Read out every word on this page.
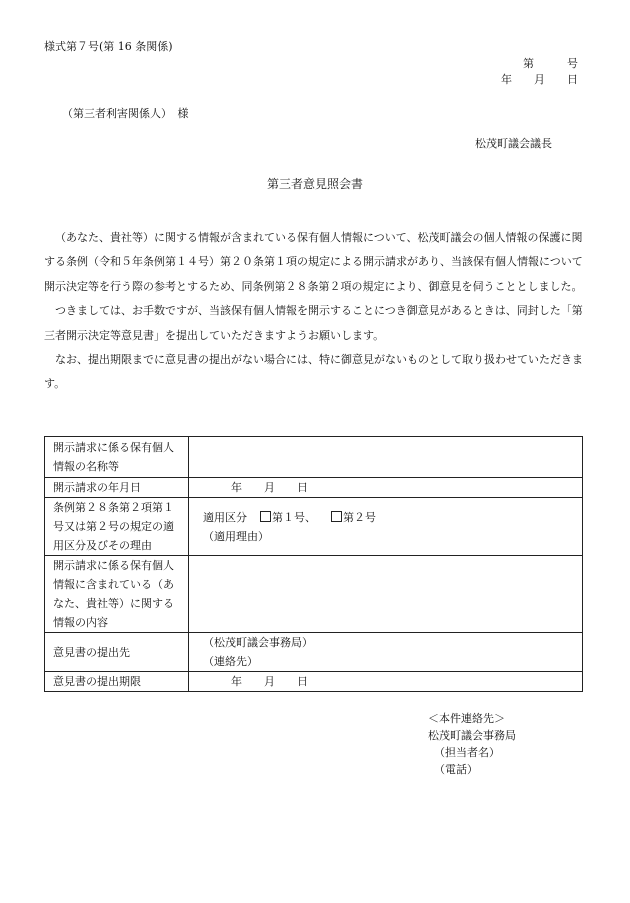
様式第７号(第 16 条関係)
第　　　号
年　　月　　日
（第三者利害関係人）　様
松茂町議会議長
第三者意見照会書

（あなた、貴社等）に関する情報が含まれている保有個人情報について、松茂町議会の個人情報の保護に関する条例（令和５年条例第１４号）第２０条第１項の規定による開示請求があり、当該保有個人情報について開示決定等を行う際の参考とするため、同条例第２８条第２項の規定により、御意見を伺うこととしました。

つきましては、お手数ですが、当該保有個人情報を開示することにつき御意見があるときは、同封した「第三者開示決定等意見書」を提出していただきますようお願いします。

なお、提出期限までに意見書の提出がない場合には、特に御意見がないものとして取り扱わせていただきます。

開示請求に係る保有個人情報の名称等	
開示請求の年月日	年　　月　　日
条例第２８条第２項第１号又は第２号の規定の適用区分及びその理由	適用区分 第１号、 第２号
（適用理由）

開示請求に係る保有個人情報に含まれている（あなた、貴社等）に関する情報の内容	
意見書の提出先	（松茂町議会事務局）
（連絡先）

意見書の提出期限	年　　月　　日
＜本件連絡先＞
松茂町議会事務局
（担当者名）
（電話）
